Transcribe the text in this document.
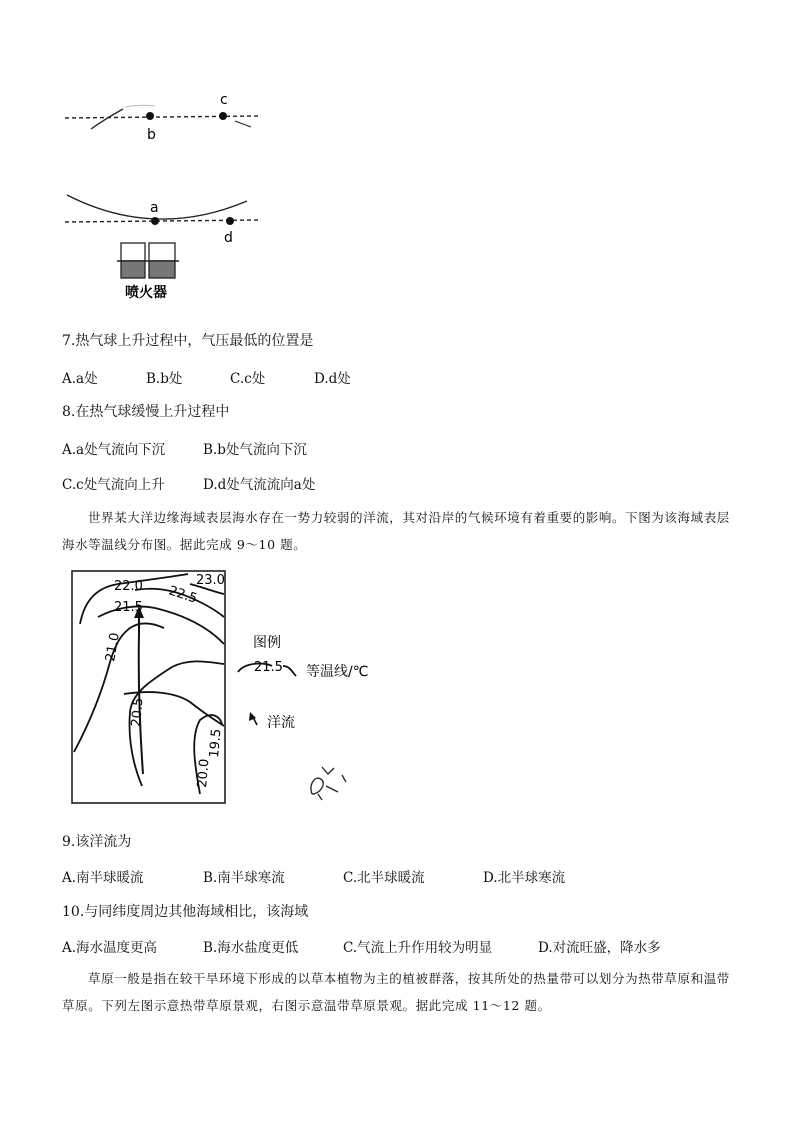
b
c
a
d
喷火器
7.热气球上升过程中，气压最低的位置是
A.a处	B.b处	C.c处	D.d处
8.在热气球缓慢上升过程中
A.a处气流向下沉	B.b处气流向下沉
C.c处气流向上升	D.d处气流流向a处
世界某大洋边缘海域表层海水存在一势力较弱的洋流，其对沿岸的气候环境有着重要的影响。下图为该海域表层海水等温线分布图。据此完成 9～10 题。
22.0 22.5
23.0
21.5
21.0
20.5
20.0
19.5
图例
21.5 等温线/℃
洋流
9.该洋流为
A.南半球暖流	B.南半球寒流	C.北半球暖流	D.北半球寒流
10.与同纬度周边其他海域相比，该海域
A.海水温度更高	B.海水盐度更低	C.气流上升作用较为明显	D.对流旺盛，降水多
草原一般是指在较干旱环境下形成的以草本植物为主的植被群落，按其所处的热量带可以划分为热带草原和温带草原。下列左图示意热带草原景观，右图示意温带草原景观。据此完成 11～12 题。
